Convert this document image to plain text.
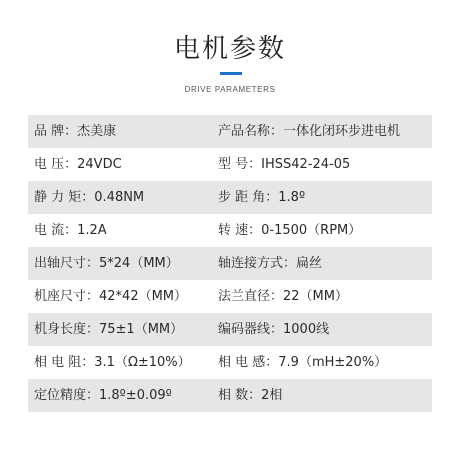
电机参数
DRIVE PARAMETERS
品 牌：杰美康	产品名称：一体化闭环步进电机
电 压：24VDC	型 号：IHSS42-24-05
静 力 矩：0.48NM	步 距 角：1.8º
电 流：1.2A	转 速：0-1500（RPM）
出轴尺寸：5*24（MM）	轴连接方式：扁丝
机座尺寸：42*42（MM）	法兰直径：22（MM）
机身长度：75±1（MM）	编码器线：1000线
相 电 阻：3.1（Ω±10%）	相 电 感：7.9（mH±20%）
定位精度：1.8º±0.09º	相 数：2相
